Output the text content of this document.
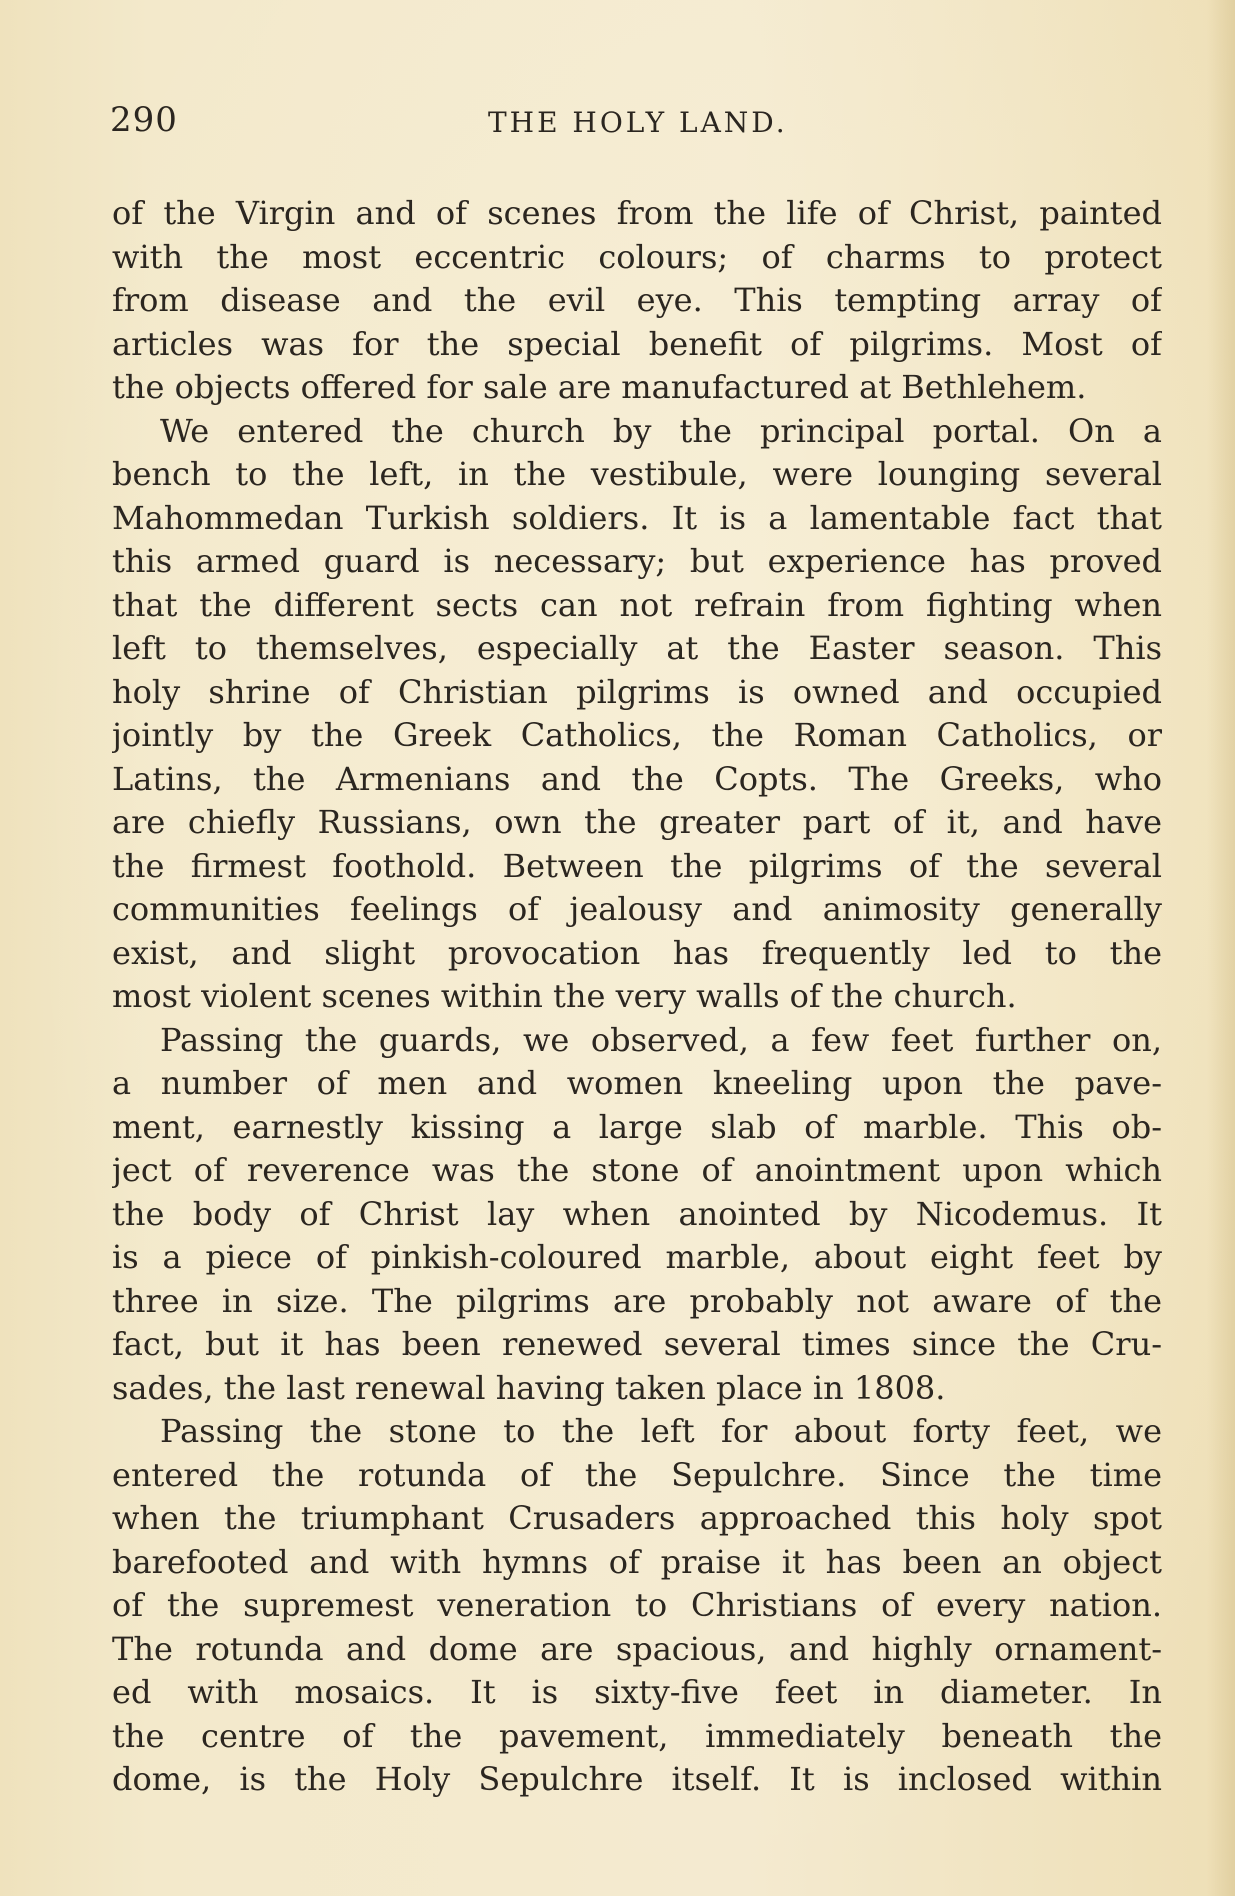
290	THE HOLY LAND.
of the Virgin and of scenes from the life of Christ, painted
with the most eccentric colours; of charms to protect
from disease and the evil eye. This tempting array of
articles was for the special benefit of pilgrims. Most of
the objects offered for sale are manufactured at Bethlehem.
We entered the church by the principal portal. On a
bench to the left, in the vestibule, were lounging several
Mahommedan Turkish soldiers. It is a lamentable fact that
this armed guard is necessary; but experience has proved
that the different sects can not refrain from fighting when
left to themselves, especially at the Easter season. This
holy shrine of Christian pilgrims is owned and occupied
jointly by the Greek Catholics, the Roman Catholics, or
Latins, the Armenians and the Copts. The Greeks, who
are chiefly Russians, own the greater part of it, and have
the firmest foothold. Between the pilgrims of the several
communities feelings of jealousy and animosity generally
exist, and slight provocation has frequently led to the
most violent scenes within the very walls of the church.
Passing the guards, we observed, a few feet further on,
a number of men and women kneeling upon the pave-
ment, earnestly kissing a large slab of marble. This ob-
ject of reverence was the stone of anointment upon which
the body of Christ lay when anointed by Nicodemus. It
is a piece of pinkish-coloured marble, about eight feet by
three in size. The pilgrims are probably not aware of the
fact, but it has been renewed several times since the Cru-
sades, the last renewal having taken place in 1808.
Passing the stone to the left for about forty feet, we
entered the rotunda of the Sepulchre. Since the time
when the triumphant Crusaders approached this holy spot
barefooted and with hymns of praise it has been an object
of the supremest veneration to Christians of every nation.
The rotunda and dome are spacious, and highly ornament-
ed with mosaics. It is sixty-five feet in diameter. In
the centre of the pavement, immediately beneath the
dome, is the Holy Sepulchre itself. It is inclosed within
